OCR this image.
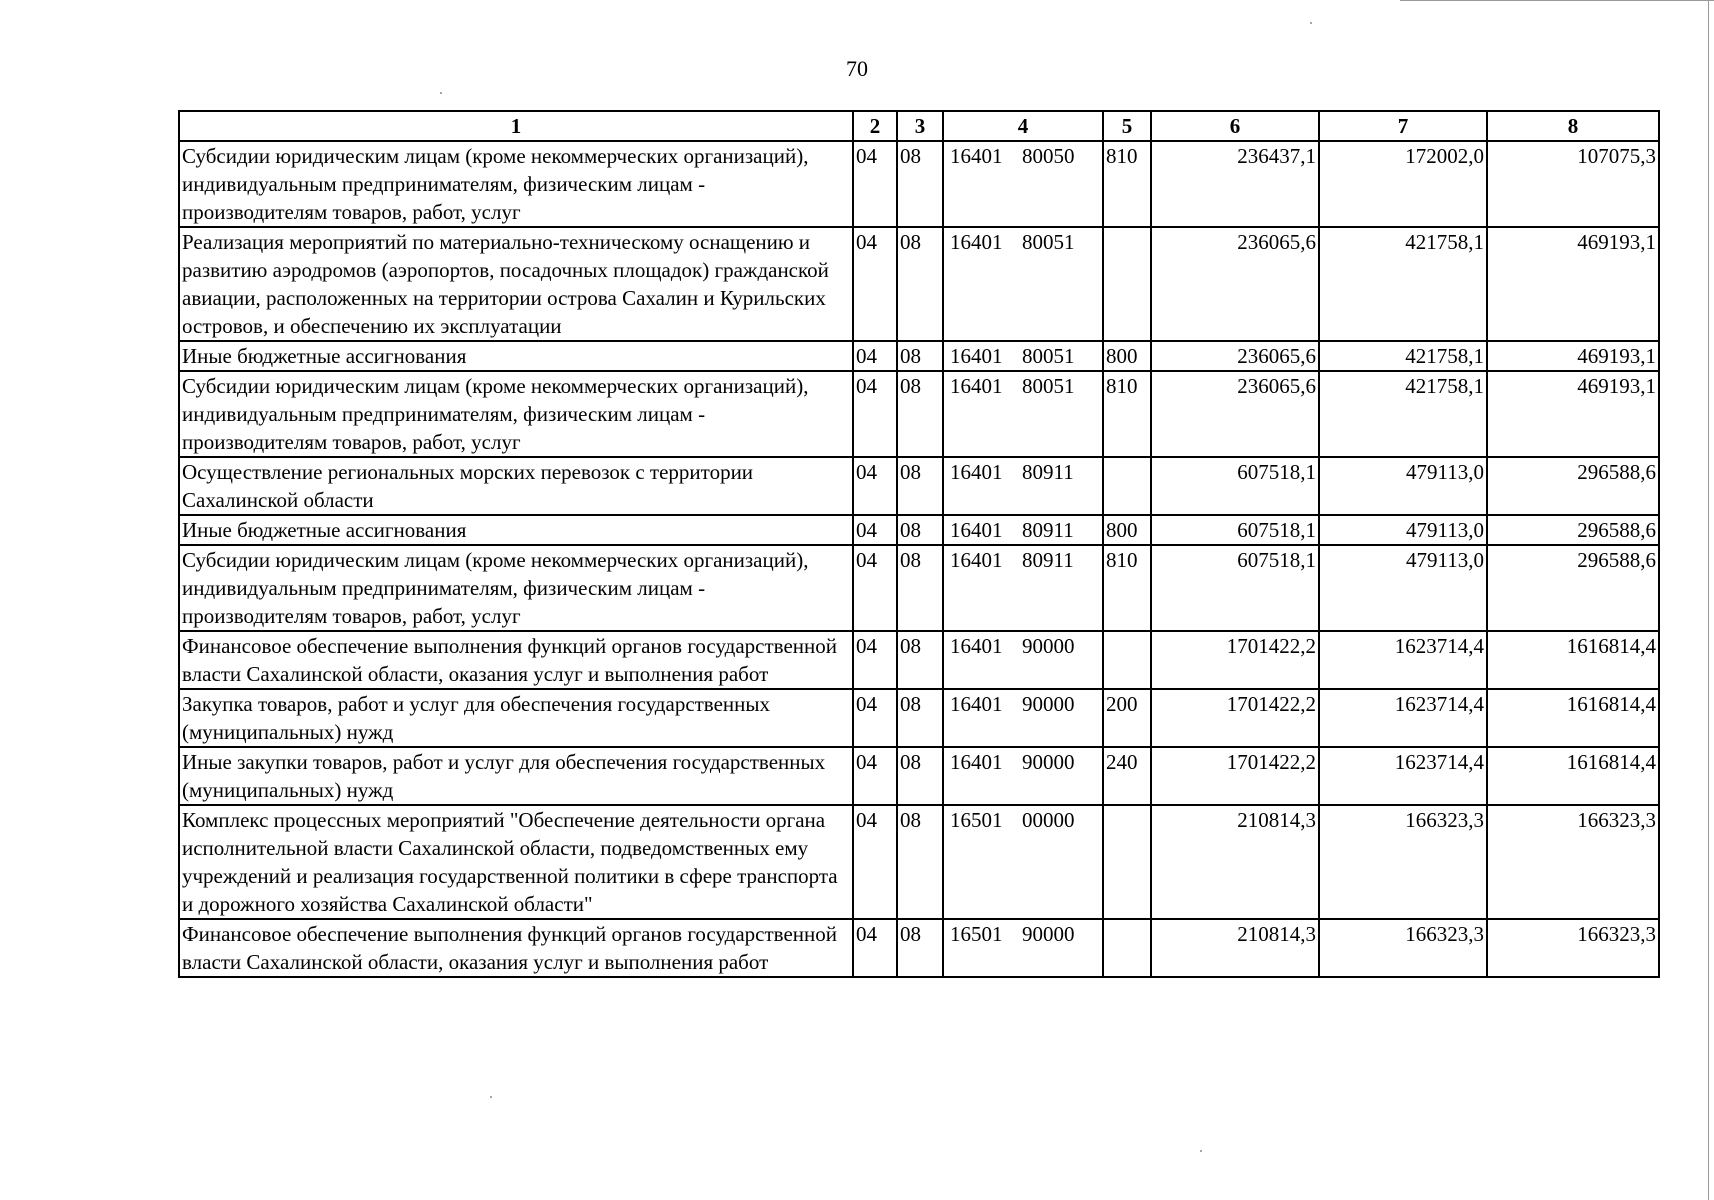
70
1	2	3	4	5	6	7	8
Субсидии юридическим лицам (кроме некоммерческих организаций), индивидуальным предпринимателям, физическим лицам - производителям товаров, работ, услуг	04	08	16401 80050	810	236437,1	172002,0	107075,3
Реализация мероприятий по материально-техническому оснащению и развитию аэродромов (аэропортов, посадочных площадок) гражданской авиации, расположенных на территории острова Сахалин и Курильских островов, и обеспечению их эксплуатации	04	08	16401 80051		236065,6	421758,1	469193,1
Иные бюджетные ассигнования	04	08	16401 80051	800	236065,6	421758,1	469193,1
Субсидии юридическим лицам (кроме некоммерческих организаций), индивидуальным предпринимателям, физическим лицам - производителям товаров, работ, услуг	04	08	16401 80051	810	236065,6	421758,1	469193,1
Осуществление региональных морских перевозок с территории Сахалинской области	04	08	16401 80911		607518,1	479113,0	296588,6
Иные бюджетные ассигнования	04	08	16401 80911	800	607518,1	479113,0	296588,6
Субсидии юридическим лицам (кроме некоммерческих организаций), индивидуальным предпринимателям, физическим лицам - производителям товаров, работ, услуг	04	08	16401 80911	810	607518,1	479113,0	296588,6
Финансовое обеспечение выполнения функций органов государственной власти Сахалинской области, оказания услуг и выполнения работ	04	08	16401 90000		1701422,2	1623714,4	1616814,4
Закупка товаров, работ и услуг для обеспечения государственных (муниципальных) нужд	04	08	16401 90000	200	1701422,2	1623714,4	1616814,4
Иные закупки товаров, работ и услуг для обеспечения государственных (муниципальных) нужд	04	08	16401 90000	240	1701422,2	1623714,4	1616814,4
Комплекс процессных мероприятий "Обеспечение деятельности органа исполнительной власти Сахалинской области, подведомственных ему учреждений и реализация государственной политики в сфере транспорта и дорожного хозяйства Сахалинской области"	04	08	16501 00000		210814,3	166323,3	166323,3
Финансовое обеспечение выполнения функций органов государственной власти Сахалинской области, оказания услуг и выполнения работ	04	08	16501 90000		210814,3	166323,3	166323,3
